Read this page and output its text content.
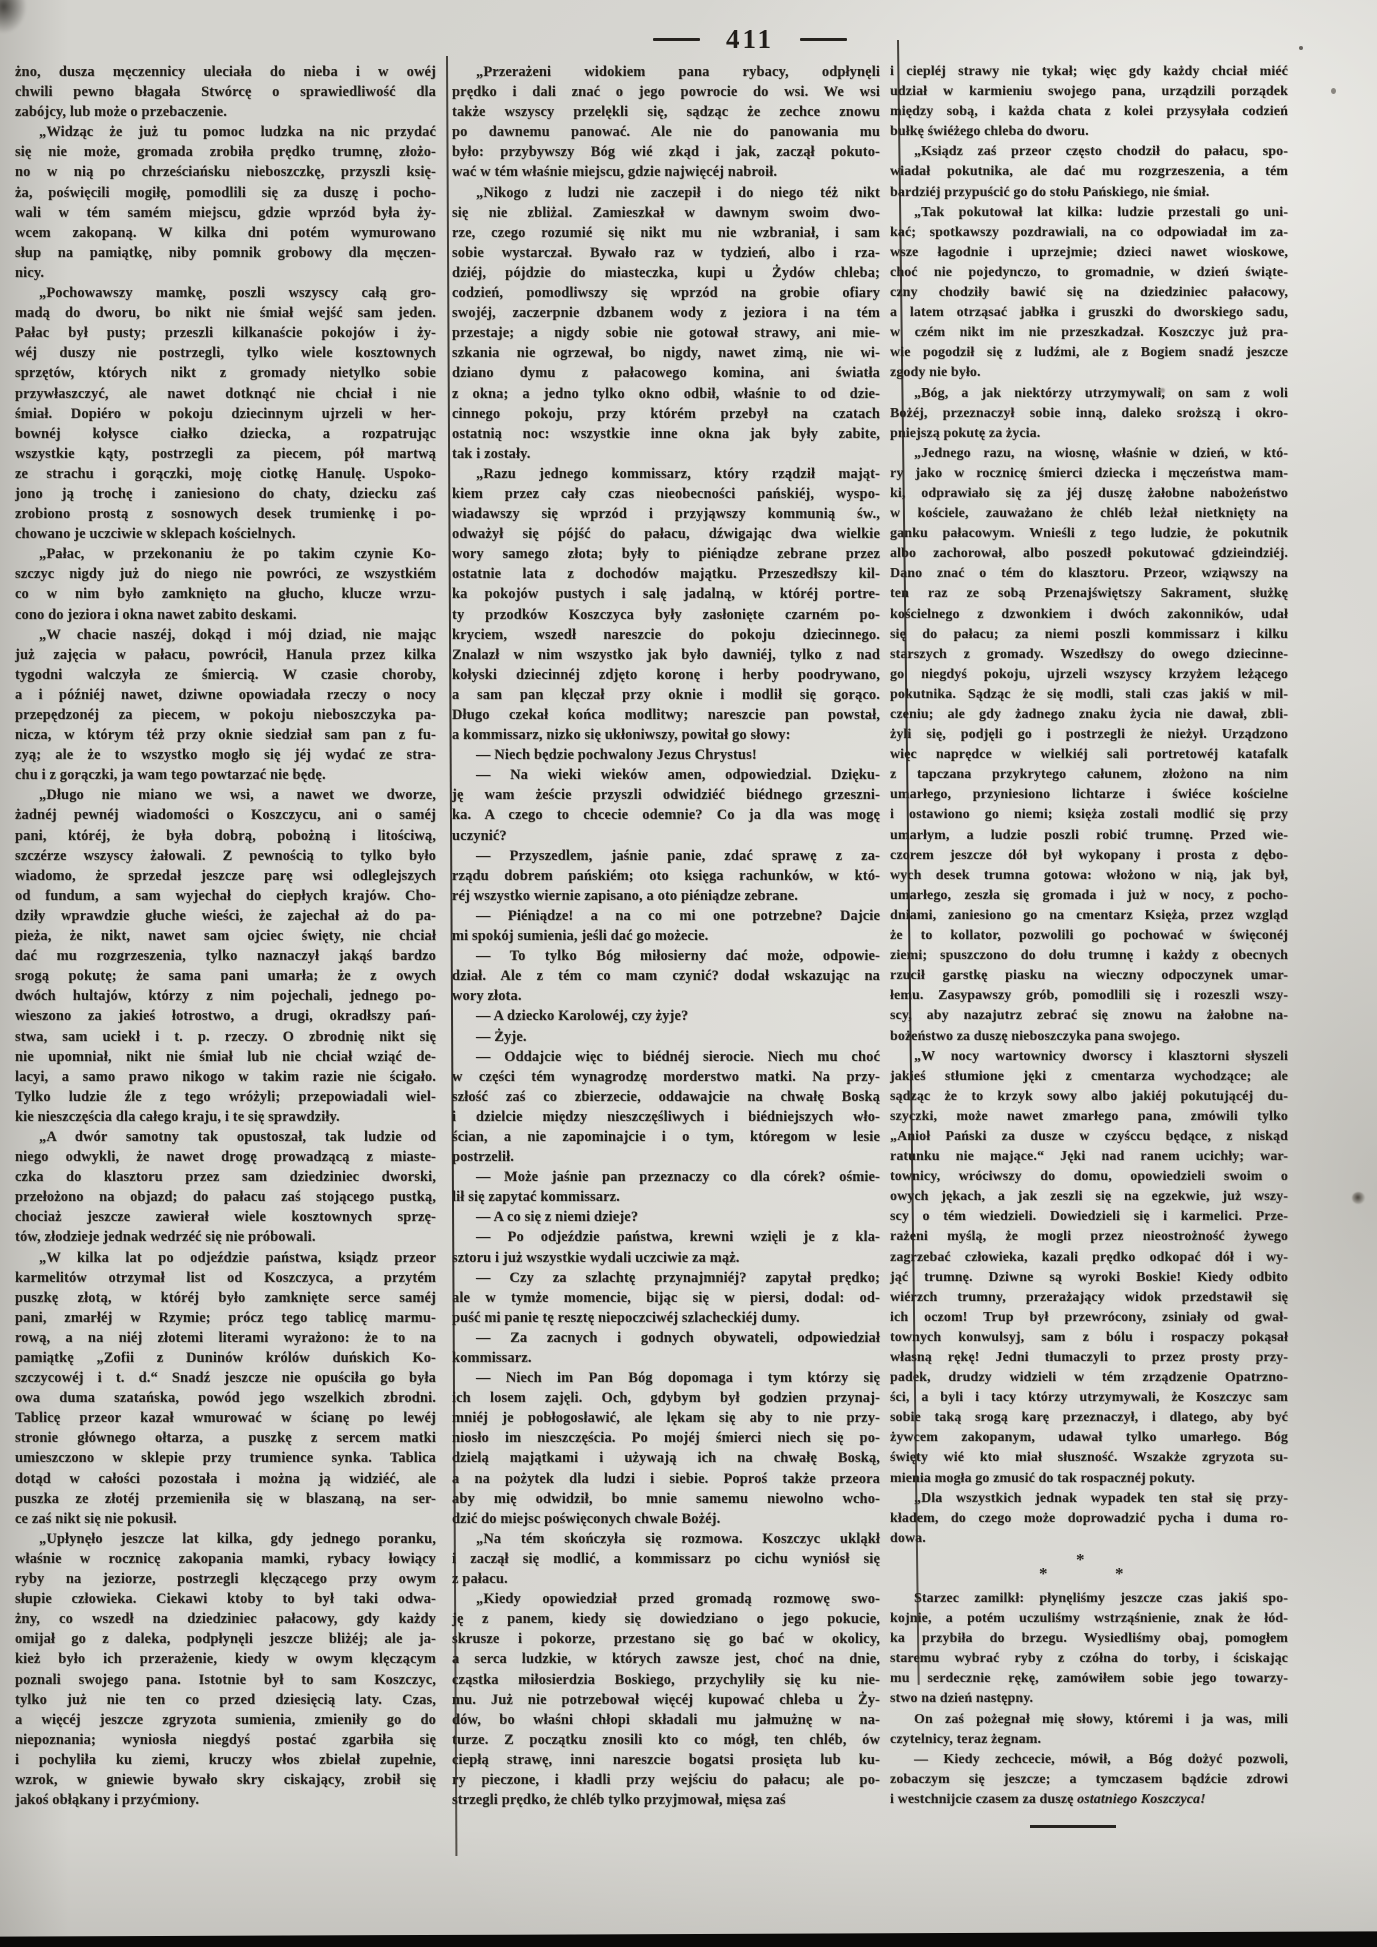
411
żno, dusza męczennicy uleciała do nieba i w owéj
chwili pewno błagała Stwórcę o sprawiedliwość dla
zabójcy, lub może o przebaczenie.
„Widząc że już tu pomoc ludzka na nic przydać
się nie może, gromada zrobiła prędko trumnę, złożo-
no w nią po chrześciańsku nieboszczkę, przyszli księ-
ża, poświęcili mogiłę, pomodlili się za duszę i pocho-
wali w tém samém miejscu, gdzie wprzód była ży-
wcem zakopaną. W kilka dni potém wymurowano
słup na pamiątkę, niby pomnik grobowy dla męczen-
nicy.
„Pochowawszy mamkę, poszli wszyscy całą gro-
madą do dworu, bo nikt nie śmiał wejść sam jeden.
Pałac był pusty; przeszli kilkanaście pokojów i ży-
wéj duszy nie postrzegli, tylko wiele kosztownych
sprzętów, których nikt z gromady nietylko sobie
przywłaszczyć, ale nawet dotknąć nie chciał i nie
śmiał. Dopiéro w pokoju dziecinnym ujrzeli w her-
bownéj kołysce ciałko dziecka, a rozpatrując
wszystkie kąty, postrzegli za piecem, pół martwą
ze strachu i gorączki, moję ciotkę Hanulę. Uspoko-
jono ją trochę i zaniesiono do chaty, dziecku zaś
zrobiono prostą z sosnowych desek trumienkę i po-
chowano je uczciwie w sklepach kościelnych.
„Pałac, w przekonaniu że po takim czynie Ko-
szczyc nigdy już do niego nie powróci, ze wszystkiém
co w nim było zamknięto na głucho, klucze wrzu-
cono do jeziora i okna nawet zabito deskami.
„W chacie naszéj, dokąd i mój dziad, nie mając
już zajęcia w pałacu, powrócił, Hanula przez kilka
tygodni walczyła ze śmiercią. W czasie choroby,
a i późniéj nawet, dziwne opowiadała rzeczy o nocy
przepędzonéj za piecem, w pokoju nieboszczyka pa-
nicza, w którym téż przy oknie siedział sam pan z fu-
zyą; ale że to wszystko mogło się jéj wydać ze stra-
chu i z gorączki, ja wam tego powtarzać nie będę.
„Długo nie miano we wsi, a nawet we dworze,
żadnéj pewnéj wiadomości o Koszczycu, ani o saméj
pani, któréj, że była dobrą, pobożną i litościwą,
szczérze wszyscy żałowali. Z pewnością to tylko było
wiadomo, że sprzedał jeszcze parę wsi odleglejszych
od fundum, a sam wyjechał do ciepłych krajów. Cho-
dziły wprawdzie głuche wieści, że zajechał aż do pa-
pieża, że nikt, nawet sam ojciec święty, nie chciał
dać mu rozgrzeszenia, tylko naznaczył jakąś bardzo
srogą pokutę; że sama pani umarła; że z owych
dwóch hultajów, którzy z nim pojechali, jednego po-
wieszono za jakieś łotrostwo, a drugi, okradłszy pań-
stwa, sam uciekł i t. p. rzeczy. O zbrodnię nikt się
nie upomniał, nikt nie śmiał lub nie chciał wziąć de-
lacyi, a samo prawo nikogo w takim razie nie ścigało.
Tylko ludzie źle z tego wróżyli; przepowiadali wiel-
kie nieszczęścia dla całego kraju, i te się sprawdziły.
„A dwór samotny tak opustoszał, tak ludzie od
niego odwykli, że nawet drogę prowadzącą z miaste-
czka do klasztoru przez sam dziedziniec dworski,
przełożono na objazd; do pałacu zaś stojącego pustką,
chociaż jeszcze zawierał wiele kosztownych sprzę-
tów, złodzieje jednak wedrzéć się nie próbowali.
„W kilka lat po odjeździe państwa, ksiądz przeor
karmelitów otrzymał list od Koszczyca, a przytém
puszkę złotą, w któréj było zamknięte serce saméj
pani, zmarłéj w Rzymie; prócz tego tablicę marmu-
rową, a na niéj złotemi literami wyrażono: że to na
pamiątkę „Zofii z Duninów królów duńskich Ko-
szczycowéj i t. d.“ Snadź jeszcze nie opuściła go była
owa duma szatańska, powód jego wszelkich zbrodni.
Tablicę przeor kazał wmurować w ścianę po lewéj
stronie głównego ołtarza, a puszkę z sercem matki
umieszczono w sklepie przy trumience synka. Tablica
dotąd w całości pozostała i można ją widziéć, ale
puszka ze złotéj przemieniła się w blaszaną, na ser-
ce zaś nikt się nie pokusił.
„Upłynęło jeszcze lat kilka, gdy jednego poranku,
właśnie w rocznicę zakopania mamki, rybacy łowiący
ryby na jeziorze, postrzegli klęczącego przy owym
słupie człowieka. Ciekawi ktoby to był taki odwa-
żny, co wszedł na dziedziniec pałacowy, gdy każdy
omijał go z daleka, podpłynęli jeszcze bliżéj; ale ja-
kież było ich przerażenie, kiedy w owym klęczącym
poznali swojego pana. Istotnie był to sam Koszczyc,
tylko już nie ten co przed dziesięcią laty. Czas,
a więcéj jeszcze zgryzota sumienia, zmieniły go do
niepoznania; wyniosła niegdyś postać zgarbiła się
i pochyliła ku ziemi, kruczy włos zbielał zupełnie,
wzrok, w gniewie bywało skry ciskający, zrobił się
jakoś obłąkany i przyćmiony.
„Przerażeni widokiem pana rybacy, odpłynęli
prędko i dali znać o jego powrocie do wsi. We wsi
także wszyscy przelękli się, sądząc że zechce znowu
po dawnemu panować. Ale nie do panowania mu
było: przybywszy Bóg wié zkąd i jak, zaczął pokuto-
wać w tém właśnie miejscu, gdzie najwięcéj nabroił.
„Nikogo z ludzi nie zaczepił i do niego téż nikt
się nie zbliżal. Zamieszkał w dawnym swoim dwo-
rze, czego rozumié się nikt mu nie wzbraniał, i sam
sobie wystarczał. Bywało raz w tydzień, albo i rza-
dziéj, pójdzie do miasteczka, kupi u Żydów chleba;
codzień, pomodliwszy się wprzód na grobie ofiary
swojéj, zaczerpnie dzbanem wody z jeziora i na tém
przestaje; a nigdy sobie nie gotował strawy, ani mie-
szkania nie ogrzewał, bo nigdy, nawet zimą, nie wi-
dziano dymu z pałacowego komina, ani światła
z okna; a jedno tylko okno odbił, właśnie to od dzie-
cinnego pokoju, przy którém przebył na czatach
ostatnią noc: wszystkie inne okna jak były zabite,
tak i zostały.
„Razu jednego kommissarz, który rządził mająt-
kiem przez cały czas nieobecności pańskiéj, wyspo-
wiadawszy się wprzód i przyjąwszy kommunią św.,
odważył się pójść do pałacu, dźwigając dwa wielkie
wory samego złota; były to piéniądze zebrane przez
ostatnie lata z dochodów majątku. Przeszedłszy kil-
ka pokojów pustych i salę jadalną, w któréj portre-
ty przodków Koszczyca były zasłonięte czarném po-
kryciem, wszedł nareszcie do pokoju dziecinnego.
Znalazł w nim wszystko jak było dawniéj, tylko z nad
kołyski dziecinnéj zdjęto koronę i herby poodrywano,
a sam pan klęczał przy oknie i modlił się gorąco.
Długo czekał końca modlitwy; nareszcie pan powstał,
a kommissarz, nizko się ukłoniwszy, powitał go słowy:
— Niech będzie pochwalony Jezus Chrystus!
— Na wieki wieków amen, odpowiedzial. Dzięku-
ję wam żeście przyszli odwidziéć biédnego grzeszni-
ka. A czego to chcecie odemnie? Co ja dla was mogę
uczynić?
— Przyszedlem, jaśnie panie, zdać sprawę z za-
rządu dobrem pańskiém; oto księga rachunków, w któ-
réj wszystko wiernie zapisano, a oto piéniądze zebrane.
— Piéniądze! a na co mi one potrzebne? Dajcie
mi spokój sumienia, jeśli dać go możecie.
— To tylko Bóg miłosierny dać może, odpowie-
dział. Ale z tém co mam czynić? dodał wskazując na
wory złota.
— A dziecko Karolowéj, czy żyje?
— Żyje.
— Oddajcie więc to biédnéj sierocie. Niech mu choć
w części tém wynagrodzę morderstwo matki. Na przy-
szłość zaś co zbierzecie, oddawajcie na chwałę Boską
i dzielcie między nieszczęśliwych i biédniejszych wło-
ścian, a nie zapominajcie i o tym, któregom w lesie
postrzelił.
— Może jaśnie pan przeznaczy co dla córek? ośmie-
lił się zapytać kommissarz.
— A co się z niemi dzieje?
— Po odjeździe państwa, krewni wzięli je z kla-
sztoru i już wszystkie wydali uczciwie za mąż.
— Czy za szlachtę przynajmniéj? zapytał prędko;
ale w tymże momencie, bijąc się w piersi, dodal: od-
puść mi panie tę resztę niepoczciwéj szlacheckiéj dumy.
— Za zacnych i godnych obywateli, odpowiedział
kommissarz.
— Niech im Pan Bóg dopomaga i tym którzy się
ich losem zajęli. Och, gdybym był godzien przynaj-
mniéj je pobłogosławić, ale lękam się aby to nie przy-
niosło im nieszczęścia. Po mojéj śmierci niech się po-
dzielą majątkami i używają ich na chwałę Boską,
a na pożytek dla ludzi i siebie. Poproś także przeora
aby mię odwidził, bo mnie samemu niewolno wcho-
dzić do miejsc poświęconych chwale Bożéj.
„Na tém skończyła się rozmowa. Koszczyc ukląkł
i zaczął się modlić, a kommissarz po cichu wyniósł się
z pałacu.
„Kiedy opowiedział przed gromadą rozmowę swo-
ję z panem, kiedy się dowiedziano o jego pokucie,
skrusze i pokorze, przestano się go bać w okolicy,
a serca ludzkie, w których zawsze jest, choć na dnie,
cząstka miłosierdzia Boskiego, przychyliły się ku nie-
mu. Już nie potrzebował więcéj kupować chleba u Ży-
dów, bo właśni chłopi składali mu jałmużnę w na-
turze. Z początku znosili kto co mógł, ten chléb, ów
ciepłą strawę, inni nareszcie bogatsi prosięta lub ku-
ry pieczone, i kładli przy wejściu do pałacu; ale po-
strzegli prędko, że chléb tylko przyjmował, mięsa zaś
i ciepléj strawy nie tykał; więc gdy każdy chciał miéć
udział w karmieniu swojego pana, urządzili porządek
między sobą, i każda chata z kolei przysyłała codzień
bułkę świéżego chleba do dworu.
„Ksiądz zaś przeor często chodził do pałacu, spo-
wiadał pokutnika, ale dać mu rozgrzeszenia, a tém
bardziéj przypuścić go do stołu Pańskiego, nie śmiał.
„Tak pokutował lat kilka: ludzie przestali go uni-
kać; spotkawszy pozdrawiali, na co odpowiadał im za-
wsze łagodnie i uprzejmie; dzieci nawet wioskowe,
choć nie pojedynczo, to gromadnie, w dzień świąte-
czny chodziły bawić się na dziedziniec pałacowy,
a latem otrząsać jabłka i gruszki do dworskiego sadu,
w czém nikt im nie przeszkadzał. Koszczyc już pra-
wie pogodził się z ludźmi, ale z Bogiem snadź jeszcze
zgody nie było.
„Bóg, a jak niektórzy utrzymywali, on sam z woli
Bożéj, przeznaczył sobie inną, daleko sroższą i okro-
pniejszą pokutę za życia.
„Jednego razu, na wiosnę, właśnie w dzień, w któ-
ry jako w rocznicę śmierci dziecka i męczeństwa mam-
ki, odprawiało się za jéj duszę żałobne nabożeństwo
w kościele, zauważano że chléb leżał nietknięty na
ganku pałacowym. Wnieśli z tego ludzie, że pokutnik
albo zachorował, albo poszedł pokutować gdzieindziéj.
Dano znać o tém do klasztoru. Przeor, wziąwszy na
ten raz ze sobą Przenajświętszy Sakrament, służkę
kościelnego z dzwonkiem i dwóch zakonników, udał
się do pałacu; za niemi poszli kommissarz i kilku
starszych z gromady. Wszedłszy do owego dziecinne-
go niegdyś pokoju, ujrzeli wszyscy krzyżem leżącego
pokutnika. Sądząc że się modli, stali czas jakiś w mil-
czeniu; ale gdy żadnego znaku życia nie dawał, zbli-
żyli się, podjęli go i postrzegli że nieżył. Urządzono
więc naprędce w wielkiéj sali portretowéj katafalk
z tapczana przykrytego całunem, złożono na nim
umarłego, przyniesiono lichtarze i świéce kościelne
i ostawiono go niemi; księża zostali modlić się przy
umarłym, a ludzie poszli robić trumnę. Przed wie-
czorem jeszcze dół był wykopany i prosta z dębo-
wych desek trumna gotowa: włożono w nią, jak był,
umarłego, zeszła się gromada i już w nocy, z pocho-
dniami, zaniesiono go na cmentarz Księża, przez wzgląd
że to kollator, pozwolili go pochować w święconéj
ziemi; spuszczono do dołu trumnę i każdy z obecnych
rzucił garstkę piasku na wieczny odpoczynek umar-
łemu. Zasypawszy grób, pomodlili się i rozeszli wszy-
scy, aby nazajutrz zebrać się znowu na żałobne na-
bożeństwo za duszę nieboszczyka pana swojego.
„W nocy wartownicy dworscy i klasztorni słyszeli
jakieś stłumione jęki z cmentarza wychodzące; ale
sądząc że to krzyk sowy albo jakiéj pokutującéj du-
szyczki, może nawet zmarłego pana, zmówili tylko
„Anioł Pański za dusze w czyśccu będące, z niskąd
ratunku nie mające.“ Jęki nad ranem ucichły; war-
townicy, wróciwszy do domu, opowiedzieli swoim o
owych jękach, a jak zeszli się na egzekwie, już wszy-
scy o tém wiedzieli. Dowiedzieli się i karmelici. Prze-
rażeni myślą, że mogli przez nieostrożność żywego
zagrzebać człowieka, kazali prędko odkopać dół i wy-
jąć trumnę. Dziwne są wyroki Boskie! Kiedy odbito
wiérzch trumny, przerażający widok przedstawił się
ich oczom! Trup był przewrócony, zsiniały od gwał-
townych konwulsyj, sam z bólu i rospaczy pokąsał
własną rękę! Jedni tłumaczyli to przez prosty przy-
padek, drudzy widzieli w tém zrządzenie Opatrzno-
ści, a byli i tacy którzy utrzymywali, że Koszczyc sam
sobie taką srogą karę przeznaczył, i dlatego, aby być
żywcem zakopanym, udawał tylko umarłego. Bóg
święty wié kto miał słuszność. Wszakże zgryzota su-
mienia mogła go zmusić do tak rospacznéj pokuty.
„Dla wszystkich jednak wypadek ten stał się przy-
kładem, do czego może doprowadzić pycha i duma ro-
dowa.
*
*	*
Starzec zamilkł: płynęliśmy jeszcze czas jakiś spo-
kojnie, a potém uczuliśmy wstrząśnienie, znak że łód-
ka przybiła do brzegu. Wysiedliśmy obaj, pomogłem
staremu wybrać ryby z czółna do torby, i ściskając
mu serdecznie rękę, zamówiłem sobie jego towarzy-
stwo na dzień następny.
On zaś pożegnał mię słowy, któremi i ja was, mili
czytelnicy, teraz żegnam.
— Kiedy zechcecie, mówił, a Bóg dożyć pozwoli,
zobaczym się jeszcze; a tymczasem bądźcie zdrowi
i westchnijcie czasem za duszę ostatniego Koszczyca!
